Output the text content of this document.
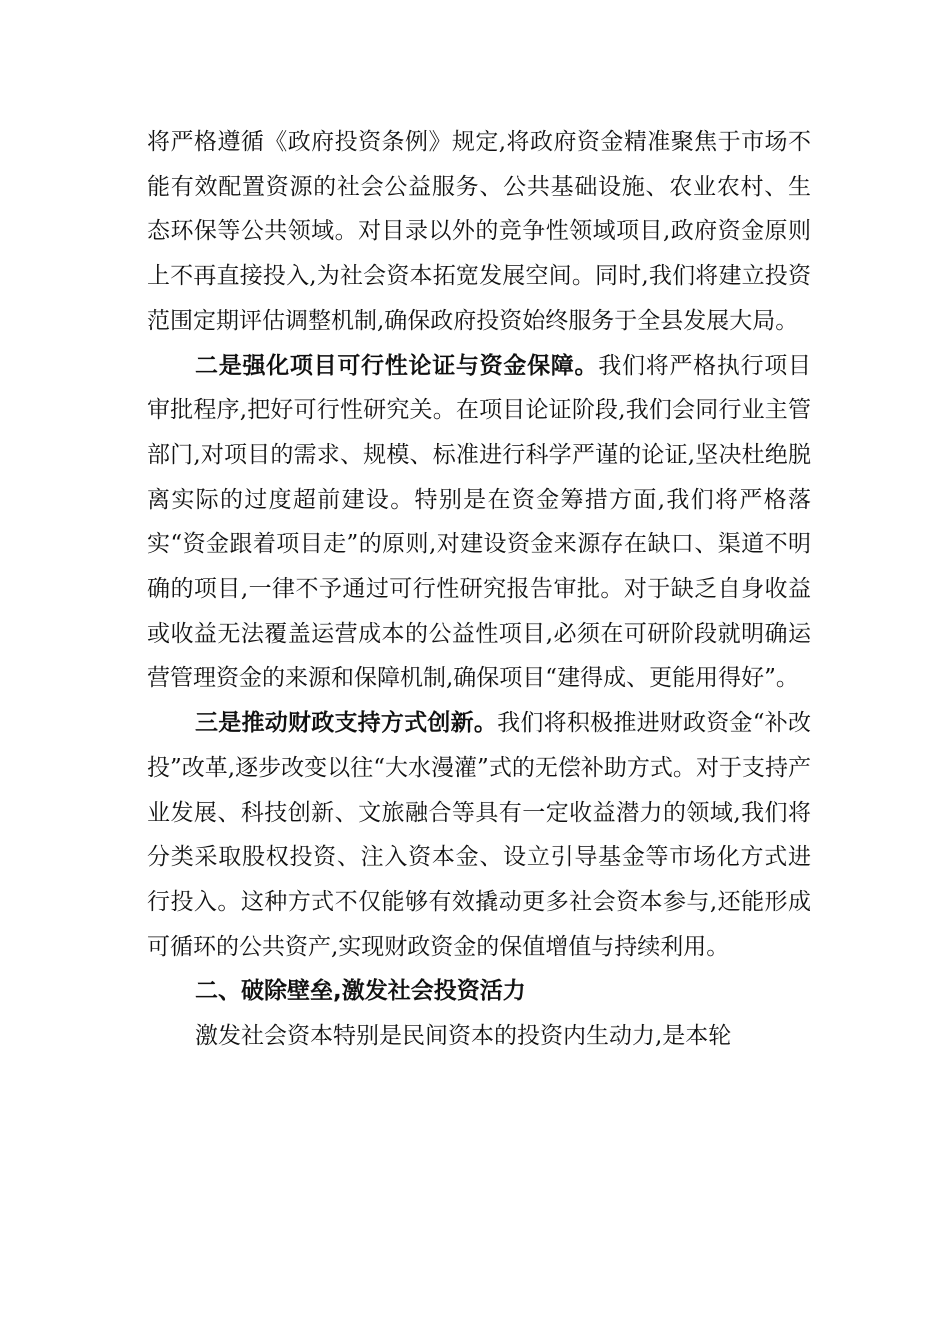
将严格遵循《政府投资条例》规定,将政府资金精准聚焦于市场不能有效配置资源的社会公益服务、公共基础设施、农业农村、生态环保等公共领域。对目录以外的竞争性领域项目,政府资金原则上不再直接投入,为社会资本拓宽发展空间。同时,我们将建立投资范围定期评估调整机制,确保政府投资始终服务于全县发展大局。

二是强化项目可行性论证与资金保障。我们将严格执行项目审批程序,把好可行性研究关。在项目论证阶段,我们会同行业主管部门,对项目的需求、规模、标准进行科学严谨的论证,坚决杜绝脱离实际的过度超前建设。特别是在资金筹措方面,我们将严格落实“资金跟着项目走”的原则,对建设资金来源存在缺口、渠道不明确的项目,一律不予通过可行性研究报告审批。对于缺乏自身收益或收益无法覆盖运营成本的公益性项目,必须在可研阶段就明确运营管理资金的来源和保障机制,确保项目“建得成、更能用得好”。

三是推动财政支持方式创新。我们将积极推进财政资金“补改投”改革,逐步改变以往“大水漫灌”式的无偿补助方式。对于支持产业发展、科技创新、文旅融合等具有一定收益潜力的领域,我们将分类采取股权投资、注入资本金、设立引导基金等市场化方式进行投入。这种方式不仅能够有效撬动更多社会资本参与,还能形成可循环的公共资产,实现财政资金的保值增值与持续利用。

二、破除壁垒,激发社会投资活力

激发社会资本特别是民间资本的投资内生动力,是本轮
